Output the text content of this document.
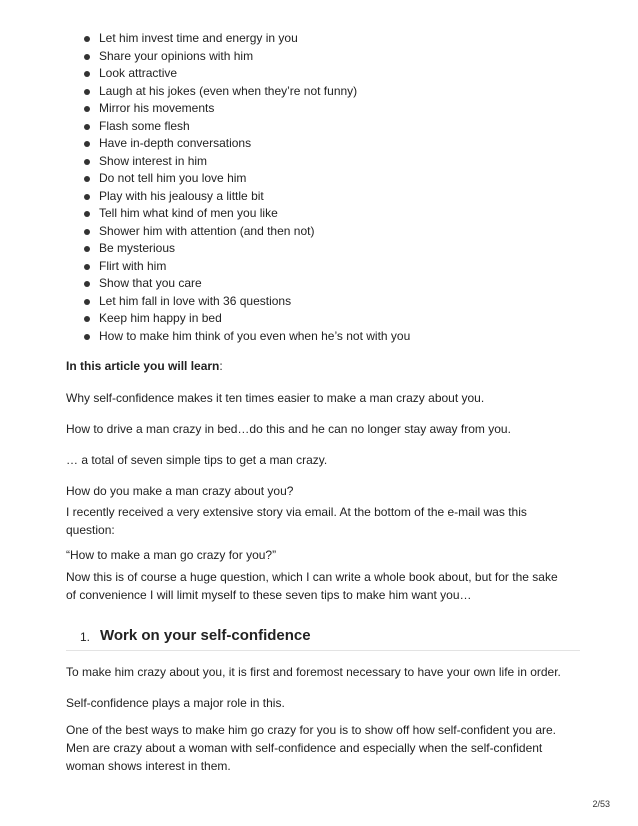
Let him invest time and energy in you
Share your opinions with him
Look attractive
Laugh at his jokes (even when they’re not funny)
Mirror his movements
Flash some flesh
Have in-depth conversations
Show interest in him
Do not tell him you love him
Play with his jealousy a little bit
Tell him what kind of men you like
Shower him with attention (and then not)
Be mysterious
Flirt with him
Show that you care
Let him fall in love with 36 questions
Keep him happy in bed
How to make him think of you even when he’s not with you

In this article you will learn:

Why self-confidence makes it ten times easier to make a man crazy about you.

How to drive a man crazy in bed…do this and he can no longer stay away from you.

… a total of seven simple tips to get a man crazy.

How do you make a man crazy about you?

I recently received a very extensive story via email. At the bottom of the e-mail was this
question:

“How to make a man go crazy for you?”

Now this is of course a huge question, which I can write a whole book about, but for the sake
of convenience I will limit myself to these seven tips to make him want you…

1. Work on your self-confidence

To make him crazy about you, it is first and foremost necessary to have your own life in order.

Self-confidence plays a major role in this.

One of the best ways to make him go crazy for you is to show off how self-confident you are.
Men are crazy about a woman with self-confidence and especially when the self-confident
woman shows interest in them.

2/53
